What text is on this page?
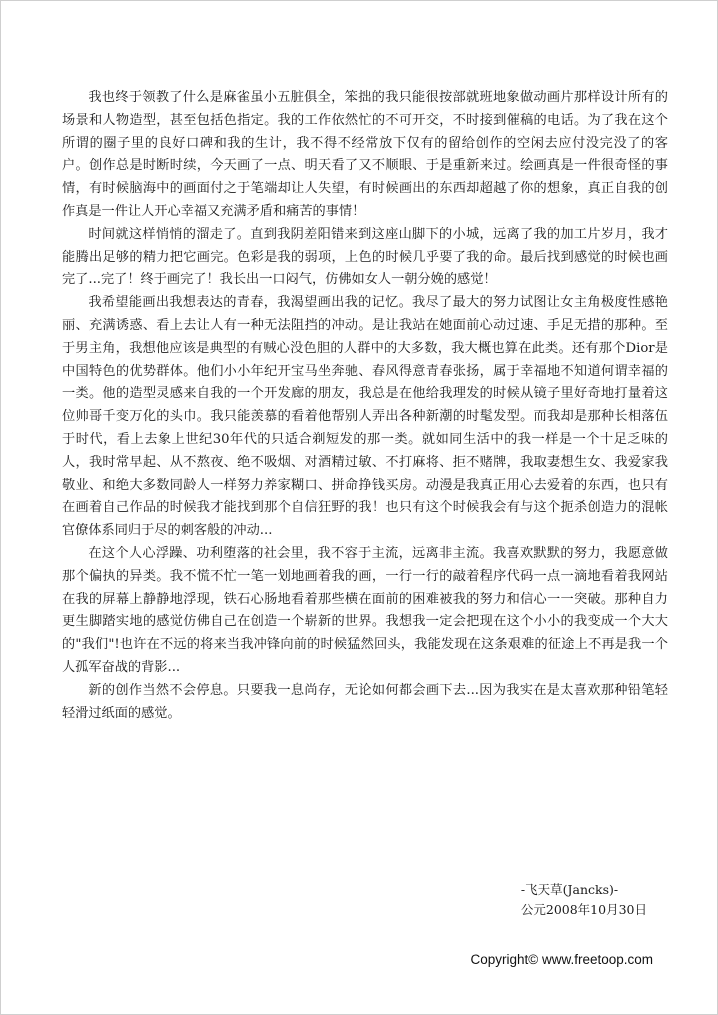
我也终于领教了什么是麻雀虽小五脏俱全，笨拙的我只能很按部就班地象做动画片那样设计所有的场景和人物造型，甚至包括色指定。我的工作依然忙的不可开交，不时接到催稿的电话。为了我在这个所谓的圈子里的良好口碑和我的生计，我不得不经常放下仅有的留给创作的空闲去应付没完没了的客户。创作总是时断时续，今天画了一点、明天看了又不顺眼、于是重新来过。绘画真是一件很奇怪的事情，有时候脑海中的画面付之于笔端却让人失望，有时候画出的东西却超越了你的想象，真正自我的创作真是一件让人开心幸福又充满矛盾和痛苦的事情！

时间就这样悄悄的溜走了。直到我阴差阳错来到这座山脚下的小城，远离了我的加工片岁月，我才能腾出足够的精力把它画完。色彩是我的弱项，上色的时候几乎要了我的命。最后找到感觉的时候也画完了...完了！终于画完了！我长出一口闷气，仿佛如女人一朝分娩的感觉！

我希望能画出我想表达的青春，我渴望画出我的记忆。我尽了最大的努力试图让女主角极度性感艳丽、充满诱惑、看上去让人有一种无法阻挡的冲动。是让我站在她面前心动过速、手足无措的那种。至于男主角，我想他应该是典型的有贼心没色胆的人群中的大多数，我大概也算在此类。还有那个Dior是中国特色的优势群体。他们小小年纪开宝马坐奔驰、春风得意青春张扬，属于幸福地不知道何谓幸福的一类。他的造型灵感来自我的一个开发廊的朋友，我总是在他给我理发的时候从镜子里好奇地打量着这位帅哥千变万化的头巾。我只能羡慕的看着他帮别人弄出各种新潮的时髦发型。而我却是那种长相落伍于时代，看上去象上世纪30年代的只适合剃短发的那一类。就如同生活中的我一样是一个十足乏味的人，我时常早起、从不熬夜、绝不吸烟、对酒精过敏、不打麻将、拒不赌牌，我取妻想生女、我爱家我敬业、和绝大多数同龄人一样努力养家糊口、拼命挣钱买房。动漫是我真正用心去爱着的东西，也只有在画着自己作品的时候我才能找到那个自信狂野的我！也只有这个时候我会有与这个扼杀创造力的混帐官僚体系同归于尽的刺客般的冲动...

在这个人心浮躁、功利堕落的社会里，我不容于主流，远离非主流。我喜欢默默的努力，我愿意做那个偏执的异类。我不慌不忙一笔一划地画着我的画，一行一行的敲着程序代码一点一滴地看着我网站在我的屏幕上静静地浮现，铁石心肠地看着那些横在面前的困难被我的努力和信心一一突破。那种自力更生脚踏实地的感觉仿佛自己在创造一个崭新的世界。我想我一定会把现在这个小小的我变成一个大大的"我们"!也许在不远的将来当我冲锋向前的时候猛然回头，我能发现在这条艰难的征途上不再是我一个人孤军奋战的背影...

新的创作当然不会停息。只要我一息尚存，无论如何都会画下去...因为我实在是太喜欢那种铅笔轻轻滑过纸面的感觉。

-飞天草(Jancks)-
公元2008年10月30日
Copyright© www.freetoop.com
